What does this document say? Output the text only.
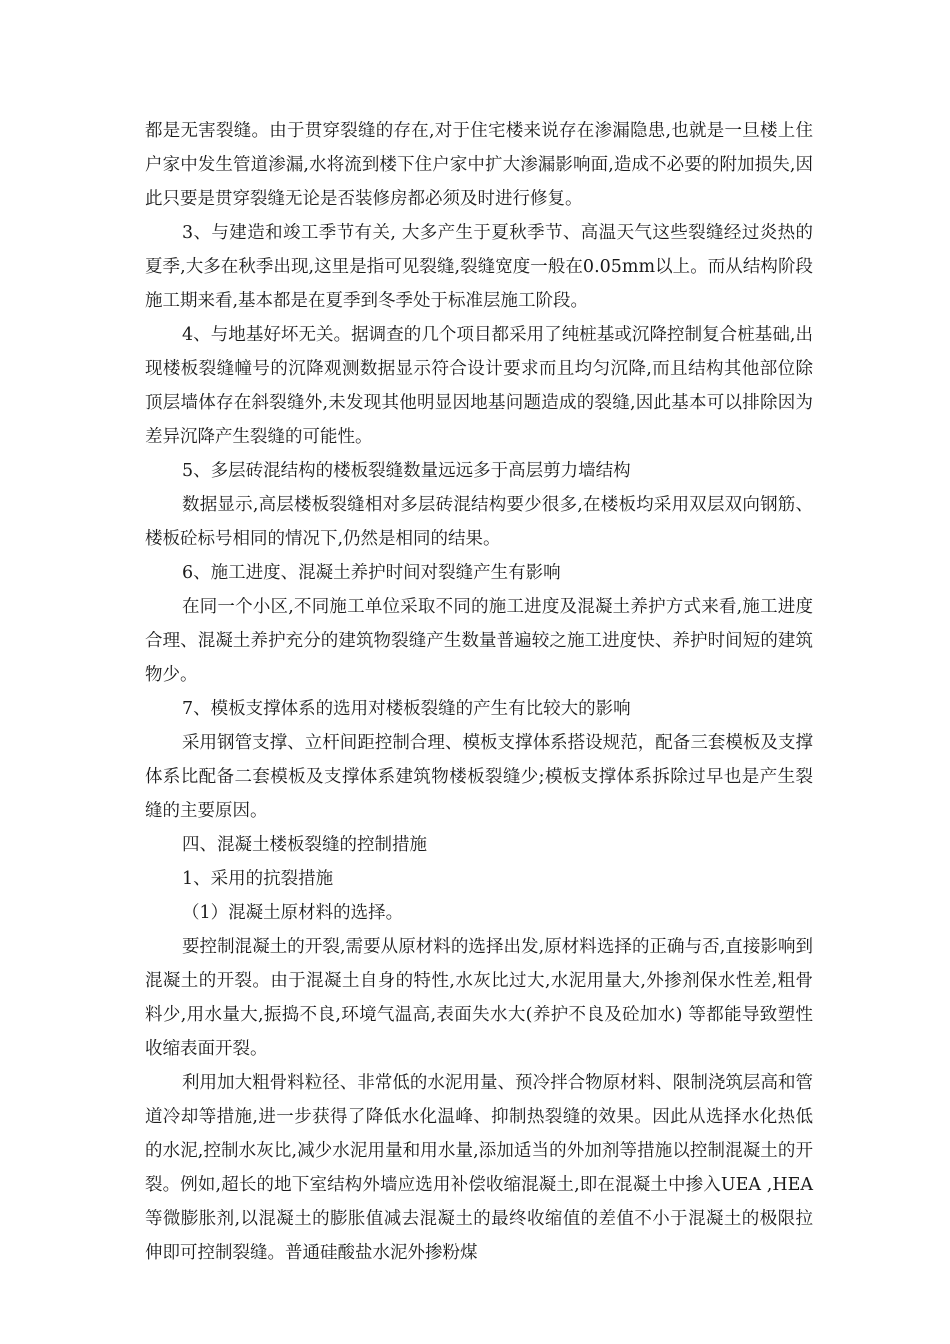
都是无害裂缝。由于贯穿裂缝的存在,对于住宅楼来说存在渗漏隐患,也就是一旦楼上住户家中发生管道渗漏,水将流到楼下住户家中扩大渗漏影响面,造成不必要的附加损失,因此只要是贯穿裂缝无论是否装修房都必须及时进行修复。

3、与建造和竣工季节有关, 大多产生于夏秋季节、高温天气这些裂缝经过炎热的夏季,大多在秋季出现,这里是指可见裂缝,裂缝宽度一般在0.05mm以上。而从结构阶段施工期来看,基本都是在夏季到冬季处于标准层施工阶段。

4、与地基好坏无关。据调查的几个项目都采用了纯桩基或沉降控制复合桩基础,出现楼板裂缝幢号的沉降观测数据显示符合设计要求而且均匀沉降,而且结构其他部位除顶层墙体存在斜裂缝外,未发现其他明显因地基问题造成的裂缝,因此基本可以排除因为差异沉降产生裂缝的可能性。

5、多层砖混结构的楼板裂缝数量远远多于高层剪力墙结构

数据显示,高层楼板裂缝相对多层砖混结构要少很多,在楼板均采用双层双向钢筋、楼板砼标号相同的情况下,仍然是相同的结果。

6、施工进度、混凝土养护时间对裂缝产生有影响

在同一个小区,不同施工单位采取不同的施工进度及混凝土养护方式来看,施工进度合理、混凝土养护充分的建筑物裂缝产生数量普遍较之施工进度快、养护时间短的建筑物少。

7、模板支撑体系的选用对楼板裂缝的产生有比较大的影响

采用钢管支撑、立杆间距控制合理、模板支撑体系搭设规范，配备三套模板及支撑体系比配备二套模板及支撑体系建筑物楼板裂缝少;模板支撑体系拆除过早也是产生裂缝的主要原因。

四、混凝土楼板裂缝的控制措施

1、采用的抗裂措施

（1）混凝土原材料的选择。

要控制混凝土的开裂,需要从原材料的选择出发,原材料选择的正确与否,直接影响到混凝土的开裂。由于混凝土自身的特性,水灰比过大,水泥用量大,外掺剂保水性差,粗骨料少,用水量大,振捣不良,环境气温高,表面失水大(养护不良及砼加水) 等都能导致塑性收缩表面开裂。

利用加大粗骨料粒径、非常低的水泥用量、预冷拌合物原材料、限制浇筑层高和管道冷却等措施,进一步获得了降低水化温峰、抑制热裂缝的效果。因此从选择水化热低的水泥,控制水灰比,减少水泥用量和用水量,添加适当的外加剂等措施以控制混凝土的开裂。例如,超长的地下室结构外墙应选用补偿收缩混凝土,即在混凝土中掺入UEA ,HEA 等微膨胀剂,以混凝土的膨胀值减去混凝土的最终收缩值的差值不小于混凝土的极限拉伸即可控制裂缝。普通硅酸盐水泥外掺粉煤
